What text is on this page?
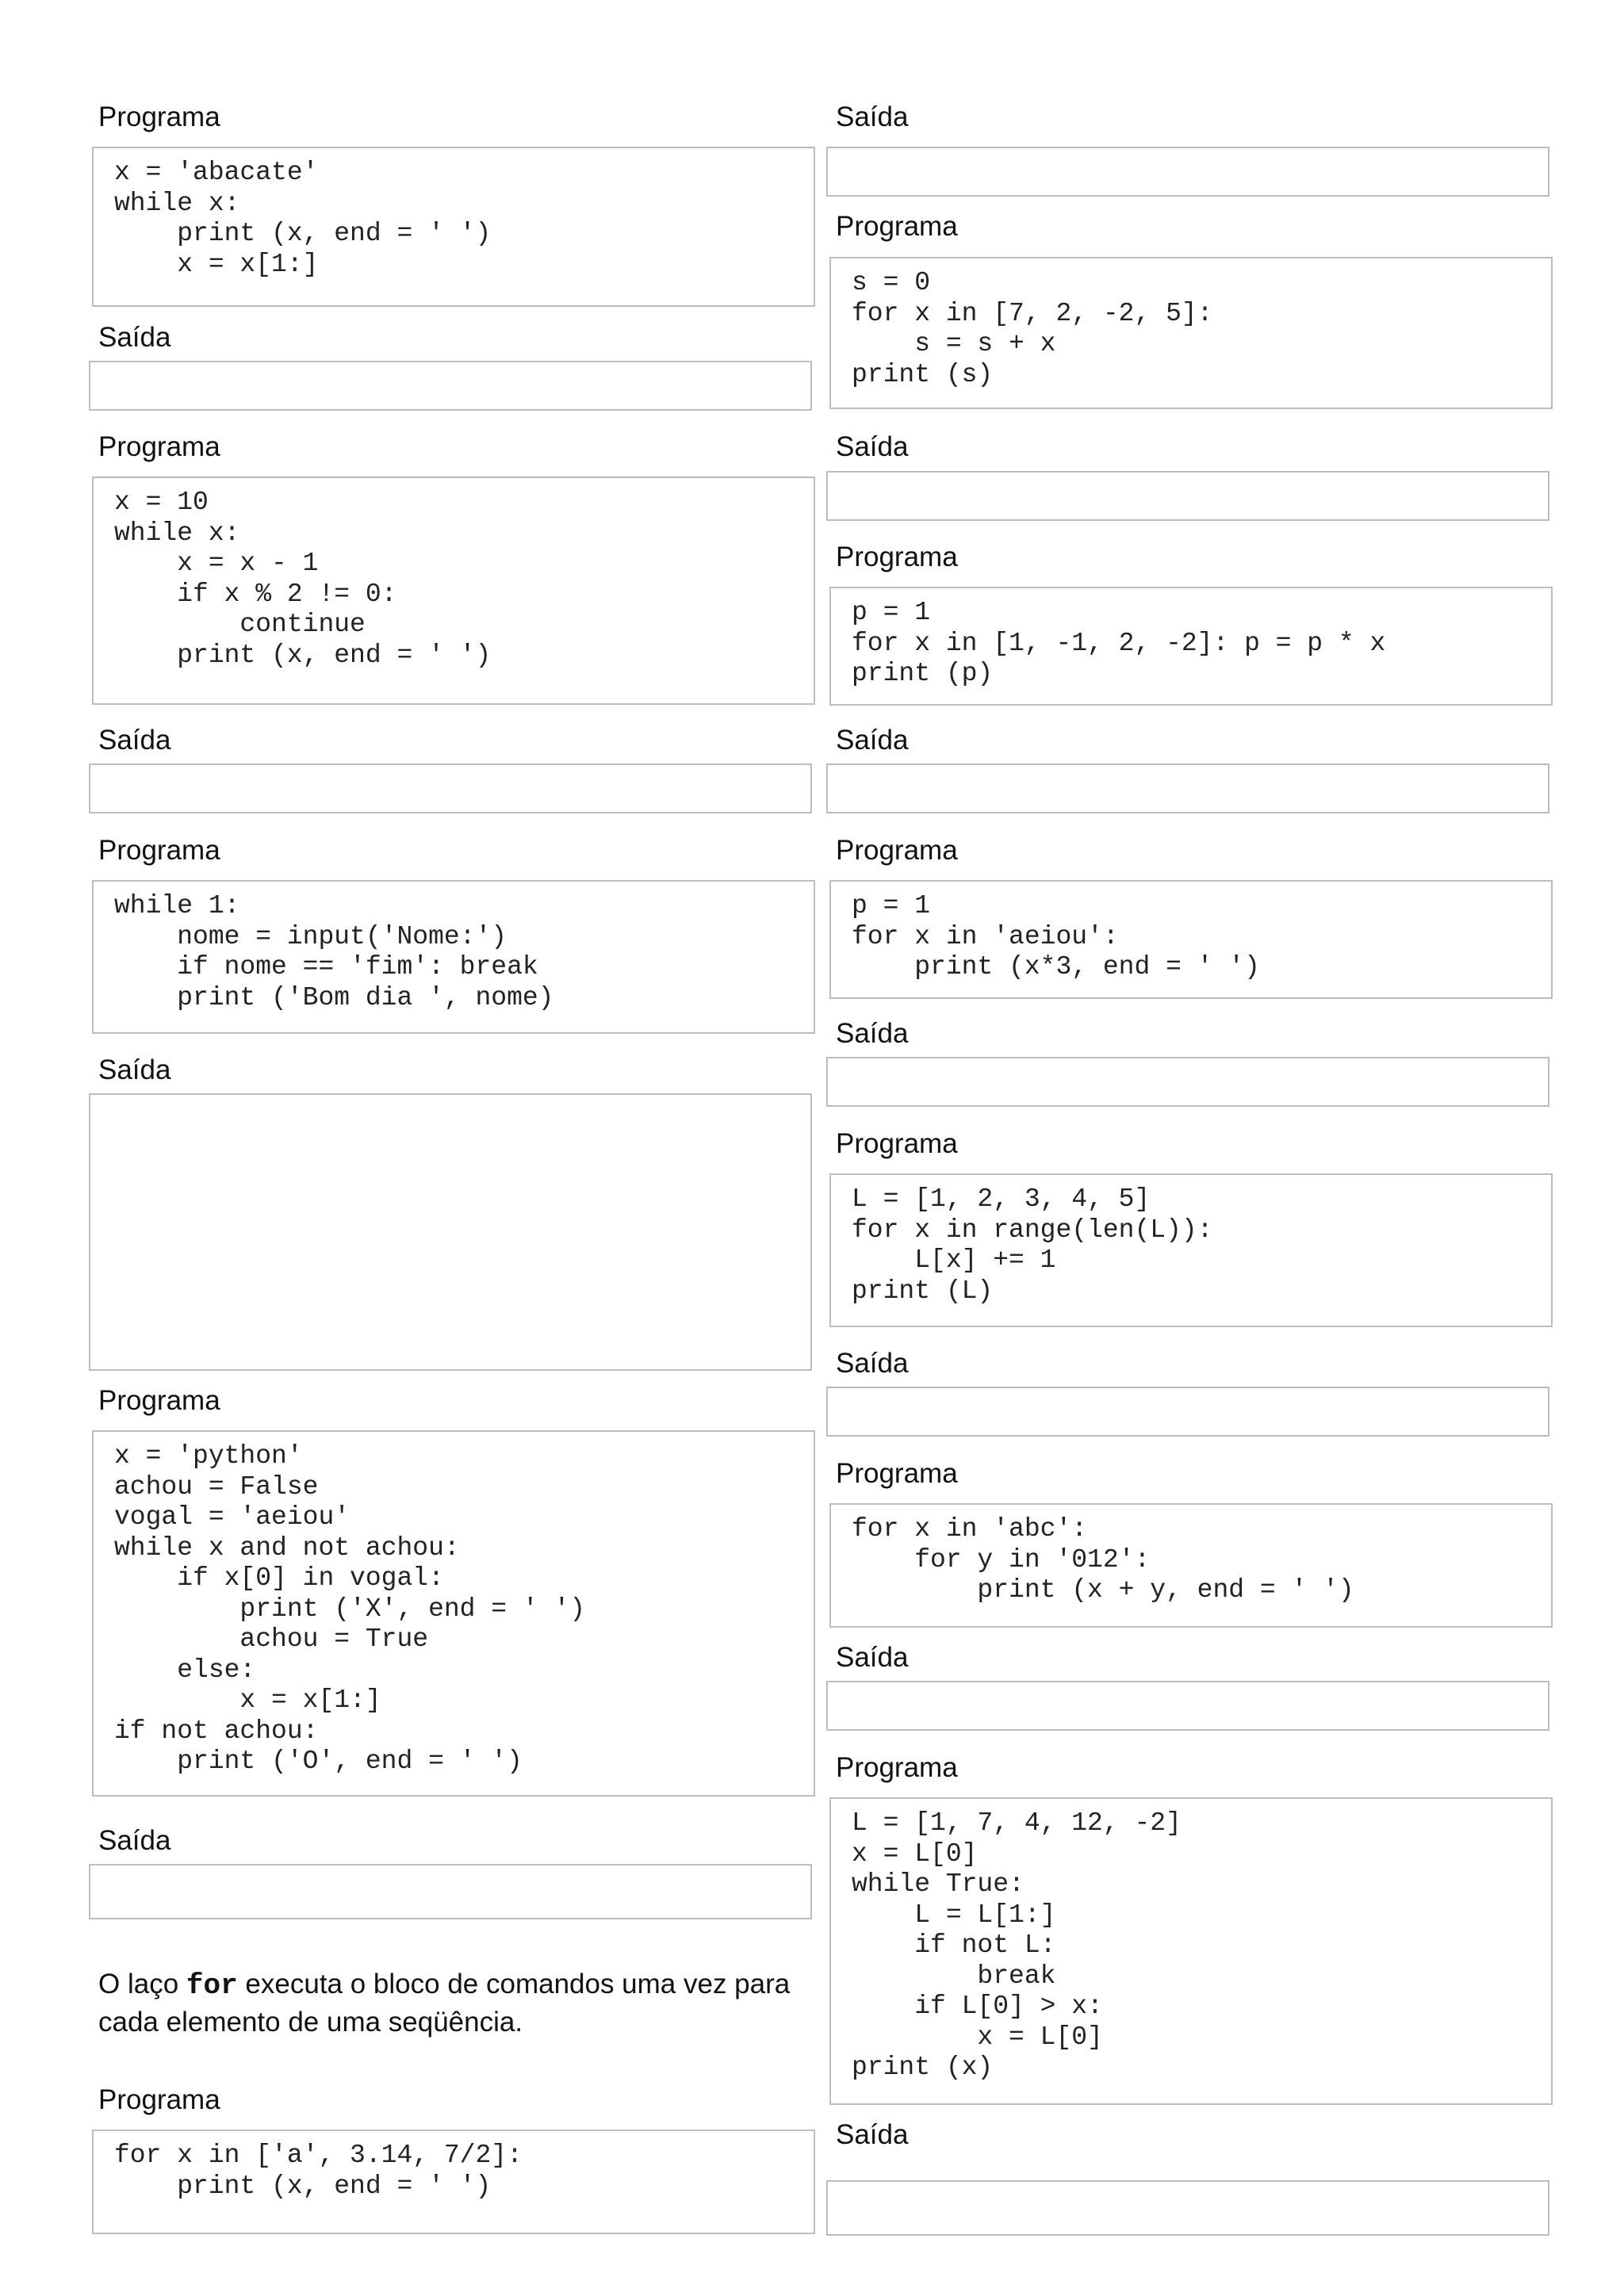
Programa
x = 'abacate'
while x:
print (x, end = ' ')
x = x[1:]
Saída
Programa
x = 10
while x:
x = x - 1
if x % 2 != 0:
continue
print (x, end = ' ')
Saída
Programa
while 1:
nome = input('Nome:')
if nome == 'fim': break
print ('Bom dia ', nome)
Saída
Programa
x = 'python'
achou = False
vogal = 'aeiou'
while x and not achou:
if x[0] in vogal:
print ('X', end = ' ')
achou = True
else:
x = x[1:]
if not achou:
print ('O', end = ' ')
Saída
O laço for executa o bloco de comandos uma vez para cada elemento de uma seqüência.
Programa
for x in ['a', 3.14, 7/2]:
print (x, end = ' ')
Saída
Programa
s = 0
for x in [7, 2, -2, 5]:
s = s + x
print (s)
Saída
Programa
p = 1
for x in [1, -1, 2, -2]: p = p * x
print (p)
Saída
Programa
p = 1
for x in 'aeiou':
print (x*3, end = ' ')
Saída
Programa
L = [1, 2, 3, 4, 5]
for x in range(len(L)):
L[x] += 1
print (L)
Saída
Programa
for x in 'abc':
for y in '012':
print (x + y, end = ' ')
Saída
Programa
L = [1, 7, 4, 12, -2]
x = L[0]
while True:
L = L[1:]
if not L:
break
if L[0] > x:
x = L[0]
print (x)
Saída
